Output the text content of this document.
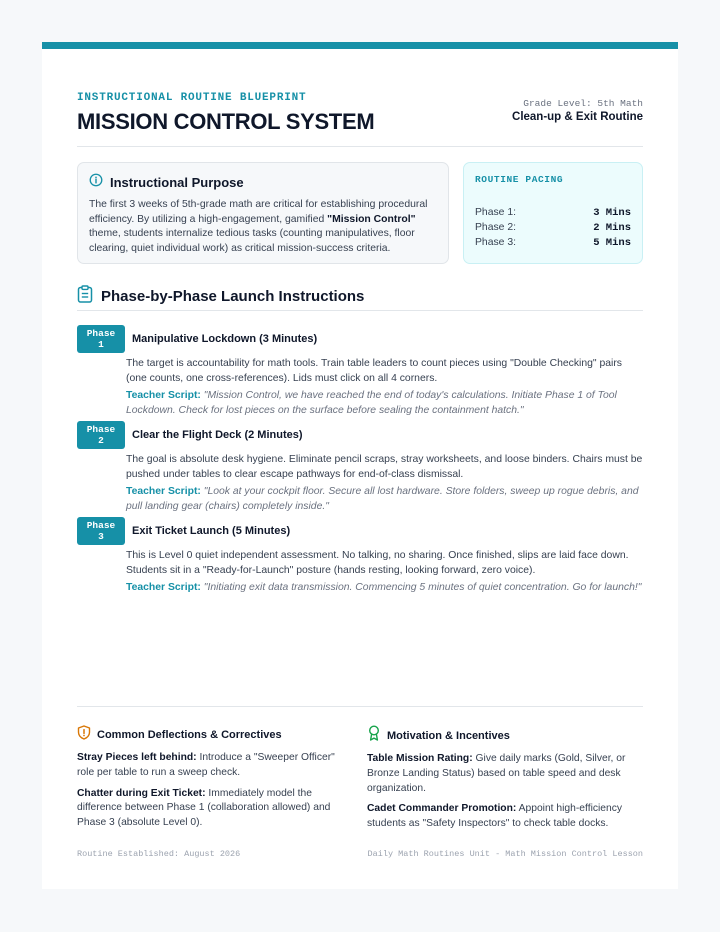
INSTRUCTIONAL ROUTINE BLUEPRINT
MISSION CONTROL SYSTEM
Grade Level: 5th Math
Clean-up & Exit Routine
Instructional Purpose
The first 3 weeks of 5th-grade math are critical for establishing procedural efficiency. By utilizing a high-engagement, gamified "Mission Control" theme, students internalize tedious tasks (counting manipulatives, floor clearing, quiet individual work) as critical mission-success criteria.
ROUTINE PACING
Phase 1:	3 Mins
Phase 2:	2 Mins
Phase 3:	5 Mins
Phase-by-Phase Launch Instructions
Phase 1	Manipulative Lockdown (3 Minutes)
The target is accountability for math tools. Train table leaders to count pieces using "Double Checking" pairs (one counts, one cross-references). Lids must click on all 4 corners.
Teacher Script: "Mission Control, we have reached the end of today's calculations. Initiate Phase 1 of Tool Lockdown. Check for lost pieces on the surface before sealing the containment hatch."
Phase 2	Clear the Flight Deck (2 Minutes)
The goal is absolute desk hygiene. Eliminate pencil scraps, stray worksheets, and loose binders. Chairs must be pushed under tables to clear escape pathways for end-of-class dismissal.
Teacher Script: "Look at your cockpit floor. Secure all lost hardware. Store folders, sweep up rogue debris, and pull landing gear (chairs) completely inside."
Phase 3	Exit Ticket Launch (5 Minutes)
This is Level 0 quiet independent assessment. No talking, no sharing. Once finished, slips are laid face down. Students sit in a "Ready-for-Launch" posture (hands resting, looking forward, zero voice).
Teacher Script: "Initiating exit data transmission. Commencing 5 minutes of quiet concentration. Go for launch!"
Common Deflections & Correctives

Stray Pieces left behind: Introduce a "Sweeper Officer" role per table to run a sweep check.

Chatter during Exit Ticket: Immediately model the difference between Phase 1 (collaboration allowed) and Phase 3 (absolute Level 0).

Motivation & Incentives

Table Mission Rating: Give daily marks (Gold, Silver, or Bronze Landing Status) based on table speed and desk organization.

Cadet Commander Promotion: Appoint high-efficiency students as "Safety Inspectors" to check table docks.

Routine Established: August 2026	Daily Math Routines Unit - Math Mission Control Lesson
